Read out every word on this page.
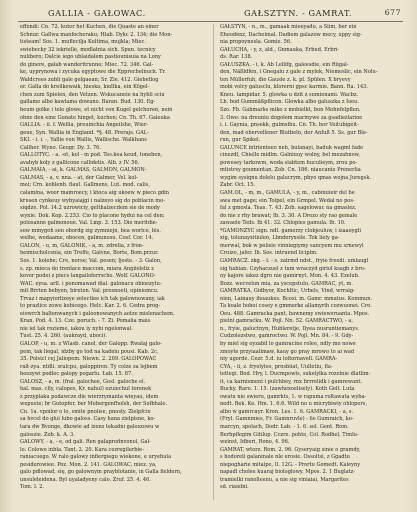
GALLIA - GAŁOWAC.	GAŁSZTYN. - GAMRAT.	677
effendi: Cn. 72. kuter het Kuchen, die Quaste an einer
Schnur. Gallwa manfocheraku; Hlab. Dykc 2. 134; die Mon-
tisteam! Sos. 1. muflecilja Kultima, mujkla; Miec.
swiebecky 32 iekrielle, modlatnia sich. Spun. tecnicy
nulibero; Dalcie iego ublaidalem pastiounisuia na Lony
do ginere, galab wanderitrunne; Miec. 72. 346. Gal-
ke, uyprynowa i zycuka egyptowe die Epprechelnuck. Tr.
Waldcrees zubli gale gelgaean; Sr. Zie. 412. Giebetlog
er. Galla do kreilkowaik, hieska, kiellka, ein Kögel-
chen zum Spielen, den Vetzen. Wskucaneie na hybli sciu
gallame albo kawlama dowano. Baran. Bud. 130. Eg-
beum golke i tele glowe, et nicht von Kugel gelchoren, nein
ohne den eine Gonate hinget, kuchen; Cn. Th. 67. Galeuka
GALLIA. - ii. f. Wellia, preuinchia Angeilshe, Wier-
geue, Syn. Wallia in England. *§. 48. Prerajs. GAL-
SKI. - i. i. -, Yallie von Wallis, Wallische. Walkhans
Callher. Wyno. Geogr. Dy. 3. 76.
GALLOTYC. - a. -ot, kol - m pod. Tes.kea keud, toneben,
avahyb koly z gallicone callidetis. Alb. z IV. 56.
GALMAIA, - ai, k. GALMAS, GALMON, GALMON-
GALMAS, - a, v. nna. - at, der Galmer, Vel. kol-
mei; Crn. kohlenb. flaul. Gallmens, Lut. mod. calis,
calamina, woor mamroecy, i ktoca aig ukoew w pieco gdin
krusen cynkeuy wybyaiajgi i nalzeyo sig do poblacin mo-
siqdze. Pol. 14.2 uzrowiciy, gelthalzecdem sie de mody
wynie. Dok. Kop. 2.253. Cio to placone hydui na cel den;
polosanne galmonoue. Val. Lmp. 3. 153. Die meritdie-
sow minygoh sen obordg zig zymniejn, bea worlce, bis.
welhe, wodaame, obocen, galmunosu. Cosf. Cor. 14.
GALON, - u, m, GALONIK, - a, m. zdrelia, z fron-
heimischolcsnia, ein Treffe, Galvne, Borte, Bom.przur.
Sos. 1. kolebe; Cre, norse; Val. pesen; ljoste. - 3. Galon,
s. zp. mieca do trenlace maccom, miara Angiielsliz z
kover podei z piecs langailoferrsche. Wolf. GALONO-
WAC. eysa. arll. i ponomawad dial. galonacu obioezytu-
mit Brrten bebyen, bireten. Val. prosnoeti, opiniomcu.
Trvaz i mapyiorlizeye zelectiee ich tak galownowany, iak
to prazlice zowu kobicego. Helc. Kar. 2. 6. Cedra prog-
eiowrch baltenwanych i galoonowanych aotze mislenachem.
Kran. Pod. 4. 13. Cze. poruch. - 7. Zi. Pomalia mais
nie iel tak rozieme, iakou iy nyhi ngelonwal.
Tust. 25. 4. 260. (aukrayd, uboci).
GALOP, - u, m. z Wlasb. canol, der Galopp. Rwalaj galo-
pem, tak liegal, idzby go tod na kadeiu pousi. Kab. 2c,
35. Polsicl cej Jaliopem. Niewn. 2. 209. GALOPOWAĆ
ralt-zya. ntdli. sralcpu, galoppiren. Ty colze za lejbem
beezywi podlec galopy pogarlu. Łab. 15. 87.
GALOSZ, - a, m. (fral. galochee, Gosl. galoche el.
hal. mas. clly, calopes, Kr. nahul) ezuiechul torenek
z przyplaku podawcze die wierzrymanta wieyau, idem
wepuste; br Gutopfer, ber Mebergenfholsh, der Sofbhale.
Cn. 1a. vpoilor o lo, smite pnolise, pnosty. Zielpfcie
sa hvcel do glui lubo galoss. Casy hana zielpisne, ko-
tara dw Bvonge, dkowie ad izens tekadni galoszowu w
galoszie. Zob. k. A. 3.
GALOWY, - a, - e, od gali. Ren galaprodnvonol, Gal-
lo. Colowo inbla. Tant. 2. 20. Kara cezregilerbie-
raniacuego. W ralo galowy infiergiegu wiekone, e uryebula
pesiderowiee. Poz. Mon. 2. 141. GALOWAC, miez. ya,
galo pdlowad, się, go galownym prayblotanie, in Galla fieldern,
unsuleleidena. Byl uyaladyeny calo. Zruf. 25. 4. 46.
Tom. I. 2.
GAŁSTYN, - n., m., gamaak mieeyadu, a Siim, ber ein
Eheodenz, Dacheimal. Dadiem galazow mecy, uppy sig-
nia propoynosla. Gomie. 56.
GAŁUCHA, - y, z, ald., Gnmauka, Erbud, Erbri-
ds. Rar. 138.
GAŁUSZKA, - i, k. Ab Lellifg, galeesdie, ein Rügal-
den, Näßldfen, i Gnegalu z gale z mylek, Niemeslic, ein Nolu-
ten Müllerfuh, die Gausle z. k. pl. Spülen. X bryevy
mobi volcy galusclu, klorerni gpsc karmie. Bann. Ra. 143.
Kneu. tampidar. 5. glowka u dzit z sumienami. Wacbz.
Lb. bod Gummäßpflicon. Glowka albo galuszka z Ioeu.
Szo. Fb. Gahmarks miko z mobielkt, bon Mohnfelpflen.
3. Owe: na dreuniu dogolem marinywe za gsadiezlarioe
i. i. Gaynia, pnsekk, gulmslbu. Cn. Th. bor Voitubigeit-
den, mad obervellener Blutbeln, der Anfuß 5. Ss. gur Ble-
run, gur Spikel.
GALUNCE intrienteeo neh, bulanayi, baduk wagml fade
cinezdl, Chielle midlm. Galniuuy wolny, bel mezahnow,
powesey tarkowm, woda slabtem huculieym, zrou po-
mtistrsy goumentan, Zob. Cn. 186. niaucanie Prenerlia
wygim sysiqnu dolelu galucrym, pbyo qmas wojna Juregsk.
Zabr. Oct. 15.
GAM.OL, - m, m., GAMULA, - y, m., cabinuieir del be
awa met gage; ein Tolpel, ein Grmpel. Wedal no pos-
fal z gmosla. Teas. 7. 43. Zob. sagelowuc na gmaslez.
do nie z rhy brawat; Ib. 3. 30. A Drezo sty rao gemale
zawaele Teds. Ib 41. 32. Chlopies gamula. Ib. 10.
*GAMOŃZYC sign. ndl. gamerzy clobjeuluw, i izaaeygli
xig, tolunayxitiulen, Lbnderyxsile. Tok liely ga-
merwal, bok w polisie vinniegiymy sancyem mu srnewyl
Croizo, jafer. Ib. Sos. intruend liciplm.
GAMRACZ. zkg. - ł. - s. zatrmd ndst., fryie freedi. umlaugl
sig habian. Czyhaczuel z tum wraczyd giriol ksagb z bro-
ny kajore iakez dgro nie gamirnyt. Mon. 4. 43. Ezelub.
Bozz. wecvelun mia, za yscepstulu. GAMRAĆ, yt, m.
GAMRATKA, Gidbyor, Kochltic, Urbels, Vind, wrraig-
nien, Lainauy ihoaukes. Bcosi. m. Gamr. mmatus. Kommun.
Ta koale hoboi cosey e gmmerke allamyrih cozwuonei. Cro.
Oeu. 488. Gamracka pant, bawnemy swiewsruanta. Mpos.
pielni gamracku. W. Pojl. Nn. 52. GAMRAĆTWO, - a,
n., fryie, galuctnyn, Hubleretje, Dyea nusruntiemanys.
Cudzolezstwo, gamroctwo. W. Pojl. Mn. 84. - 9. Gdy-
by miel sig oyzabil lo gamracine rolee, ndly mo nowe
zmoyte przyiaalimaw, kauy go pray mrowo to ai wad
niy ugorde. Cezr. 5.d. iu loltornavell. GAMRA-
CYA, - ii, z. fryelytes, prosbiiat, Uulletiu, fla-
tetlegi. Bod. Hry, l. Ducmpowls, sukelylka rozelnie dlatlim-
it, ca karnismeni i pulchbey, rnx brrrelidk i gamrewant.
Bucky. Raro. 1. 15. (zawhexoelisely). Koth Gelt. Luta
owatu nie swieru, gamrkts, 1. w rapuma roltawata wyba-
nedt. Bek. Ke. Hm. 1. 6.6. Wild no u micrybiwiy ohlopers,
albo w gamrcayr. Kron. Les. 1. 6. GAMRACKI, - a, s.
(Fryl. Gamnmies, Fr. Gamnruvle) - lie Gumraich, ko-
marcyn, spolach, Dodr. Łab. - 1. 6. sel. Gent. Rom.
Berbpflegim Gitilup. Cczre. pohte, Col. Rodhel, Timlu-
weinst, Idberi, Rono, 4. 96.
GAMRAT, wtorz. Rom. 2. 96. Gyseryaig sinie o gramdy,
s hodoreli galaninale nle erosie. Ossoltsi, z Ggadtu
niepogharie mitalpe, Il. 12G. - Prortu Gomedt. Kaleyny
napadl cholee kuaraj biologlowy. Mpos. 2. 1 Buglatz-
tramielki ranolleenu, a nie sig viniaiai, Margarites
sd. riaiebii.
